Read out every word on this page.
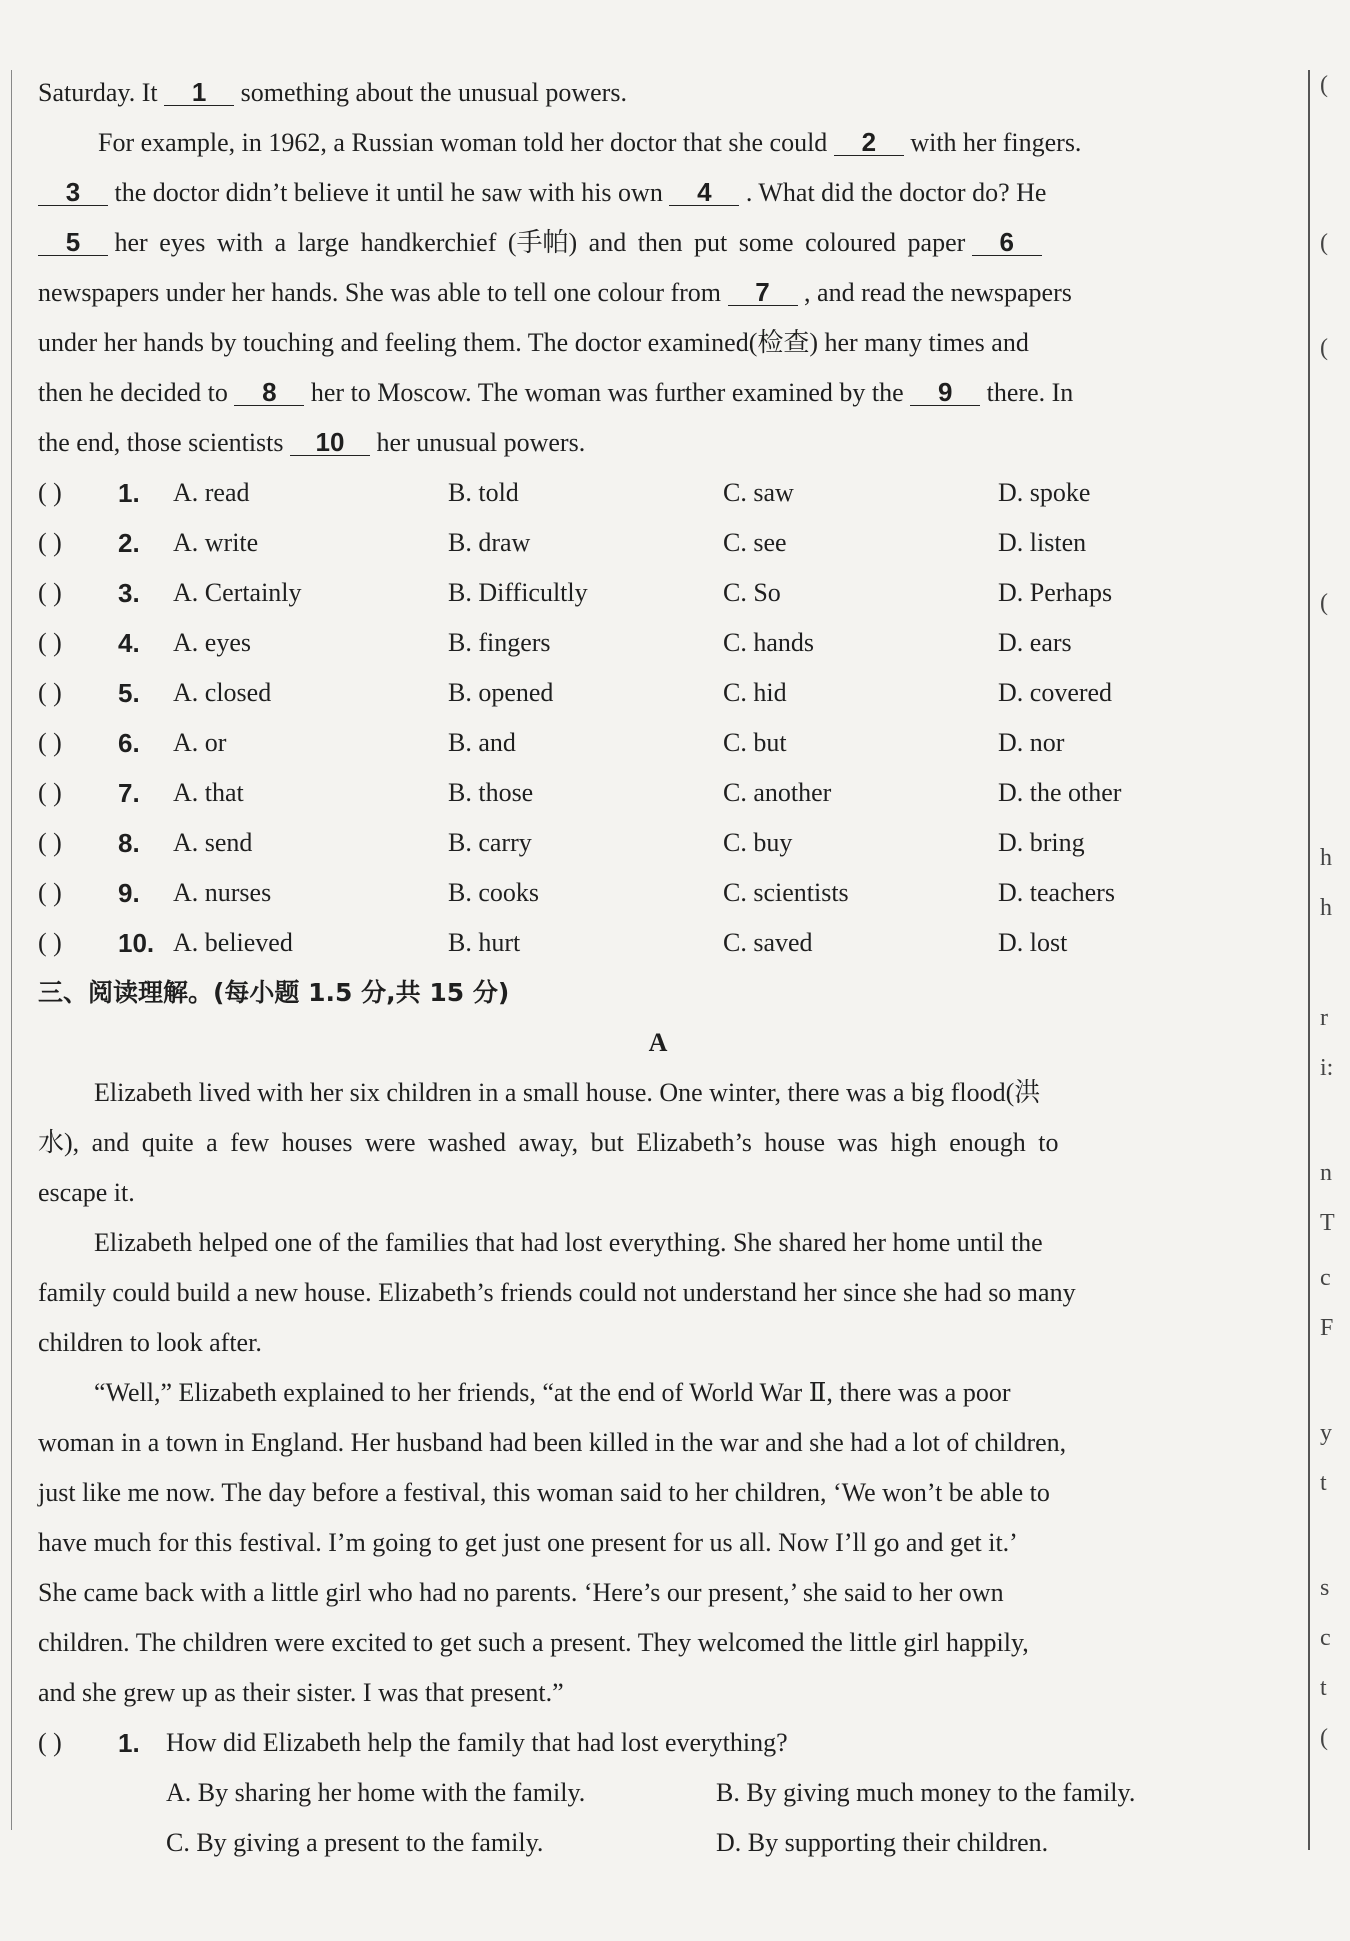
(
(
(
(
h
h
r
i:
n
T
c
F
y
t
s
c
t
(
Saturday. It 1 something about the unusual powers.
For example, in 1962, a Russian woman told her doctor that she could 2 with her fingers.
3 the doctor didn’t believe it until he saw with his own 4 . What did the doctor do? He
5 her eyes with a large handkerchief (手帕) and then put some coloured paper 6
newspapers under her hands. She was able to tell one colour from 7 , and read the newspapers
under her hands by touching and feeling them. The doctor examined(检查) her many times and
then he decided to 8 her to Moscow. The woman was further examined by the 9 there. In
the end, those scientists 10 her unusual powers.
( ) 1. A. read	B. told	C. saw	D. spoke
( ) 2. A. write	B. draw	C. see	D. listen
( ) 3. A. Certainly	B. Difficultly	C. So	D. Perhaps
( ) 4. A. eyes	B. fingers	C. hands	D. ears
( ) 5. A. closed	B. opened	C. hid	D. covered
( ) 6. A. or	B. and	C. but	D. nor
( ) 7. A. that	B. those	C. another	D. the other
( ) 8. A. send	B. carry	C. buy	D. bring
( ) 9. A. nurses	B. cooks	C. scientists	D. teachers
( ) 10. A. believed	B. hurt	C. saved	D. lost
三、阅读理解。(每小题 1.5 分,共 15 分)
A
Elizabeth lived with her six children in a small house. One winter, there was a big flood(洪
水), and quite a few houses were washed away, but Elizabeth’s house was high enough to
escape it.
Elizabeth helped one of the families that had lost everything. She shared her home until the
family could build a new house. Elizabeth’s friends could not understand her since she had so many
children to look after.
“Well,” Elizabeth explained to her friends, “at the end of World War Ⅱ, there was a poor
woman in a town in England. Her husband had been killed in the war and she had a lot of children,
just like me now. The day before a festival, this woman said to her children, ‘We won’t be able to
have much for this festival. I’m going to get just one present for us all. Now I’ll go and get it.’
She came back with a little girl who had no parents. ‘Here’s our present,’ she said to her own
children. The children were excited to get such a present. They welcomed the little girl happily,
and she grew up as their sister. I was that present.”
( ) 1. How did Elizabeth help the family that had lost everything?
A. By sharing her home with the family.	B. By giving much money to the family.
C. By giving a present to the family.	D. By supporting their children.
